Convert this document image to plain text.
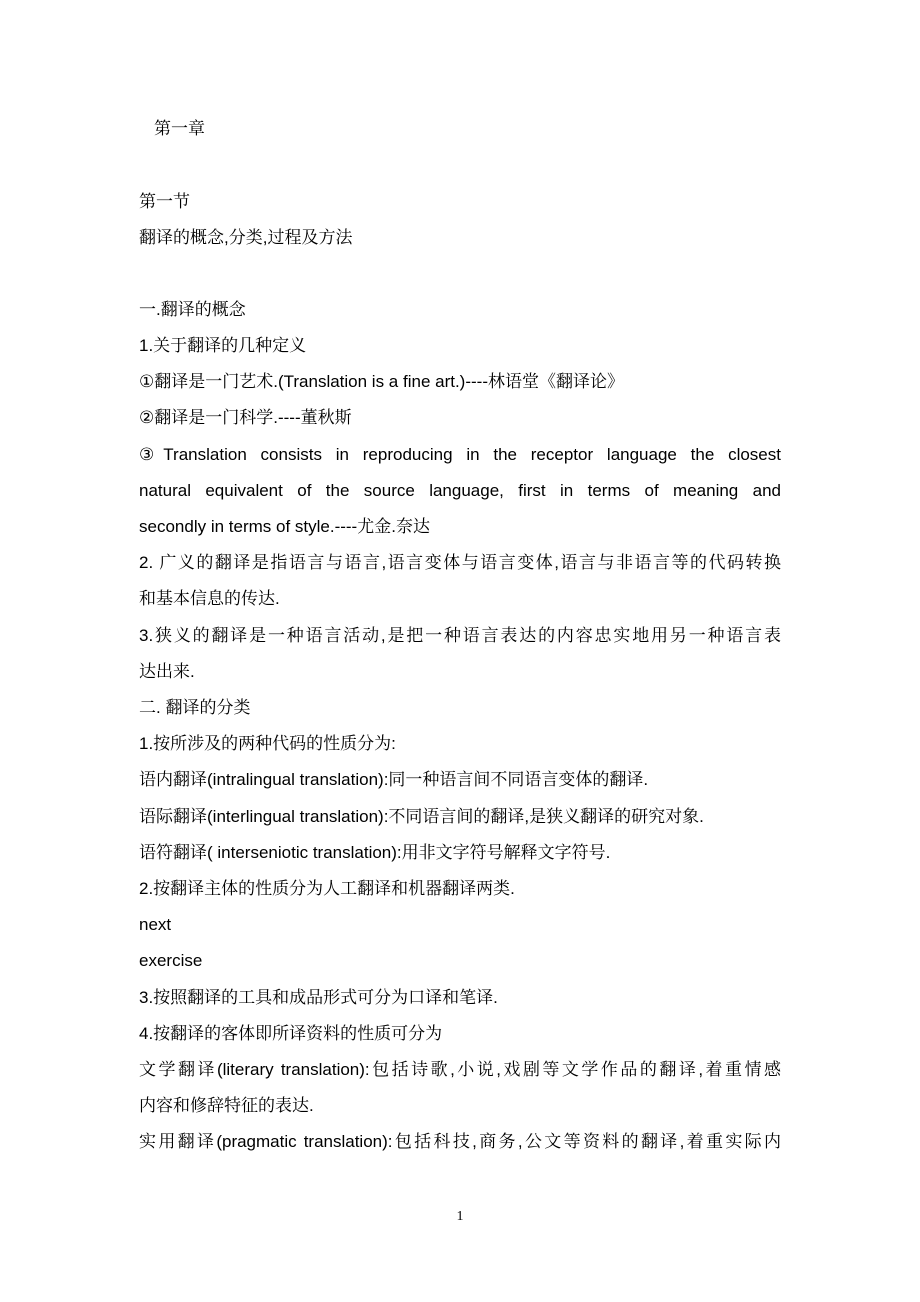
第一章
第一节
翻译的概念,分类,过程及方法
一.翻译的概念
1.关于翻译的几种定义
①翻译是一门艺术.(Translation is a fine art.)----林语堂《翻译论》
②翻译是一门科学.----董秋斯
③Translation consists in reproducing in the receptor language the closest
natural equivalent of the source language, first in terms of meaning and
secondly in terms of style.----尤金.奈达
2. 广义的翻译是指语言与语言,语言变体与语言变体,语言与非语言等的代码转换
和基本信息的传达.
3.狭义的翻译是一种语言活动,是把一种语言表达的内容忠实地用另一种语言表
达出来.
二. 翻译的分类
1.按所涉及的两种代码的性质分为:
语内翻译(intralingual translation):同一种语言间不同语言变体的翻译.
语际翻译(interlingual translation):不同语言间的翻译,是狭义翻译的研究对象.
语符翻译( interseniotic translation):用非文字符号解释文字符号.
2.按翻译主体的性质分为人工翻译和机器翻译两类.
next
exercise
3.按照翻译的工具和成品形式可分为口译和笔译.
4.按翻译的客体即所译资料的性质可分为
文学翻译(literary translation):包括诗歌,小说,戏剧等文学作品的翻译,着重情感
内容和修辞特征的表达.
实用翻译(pragmatic translation):包括科技,商务,公文等资料的翻译,着重实际内
1
